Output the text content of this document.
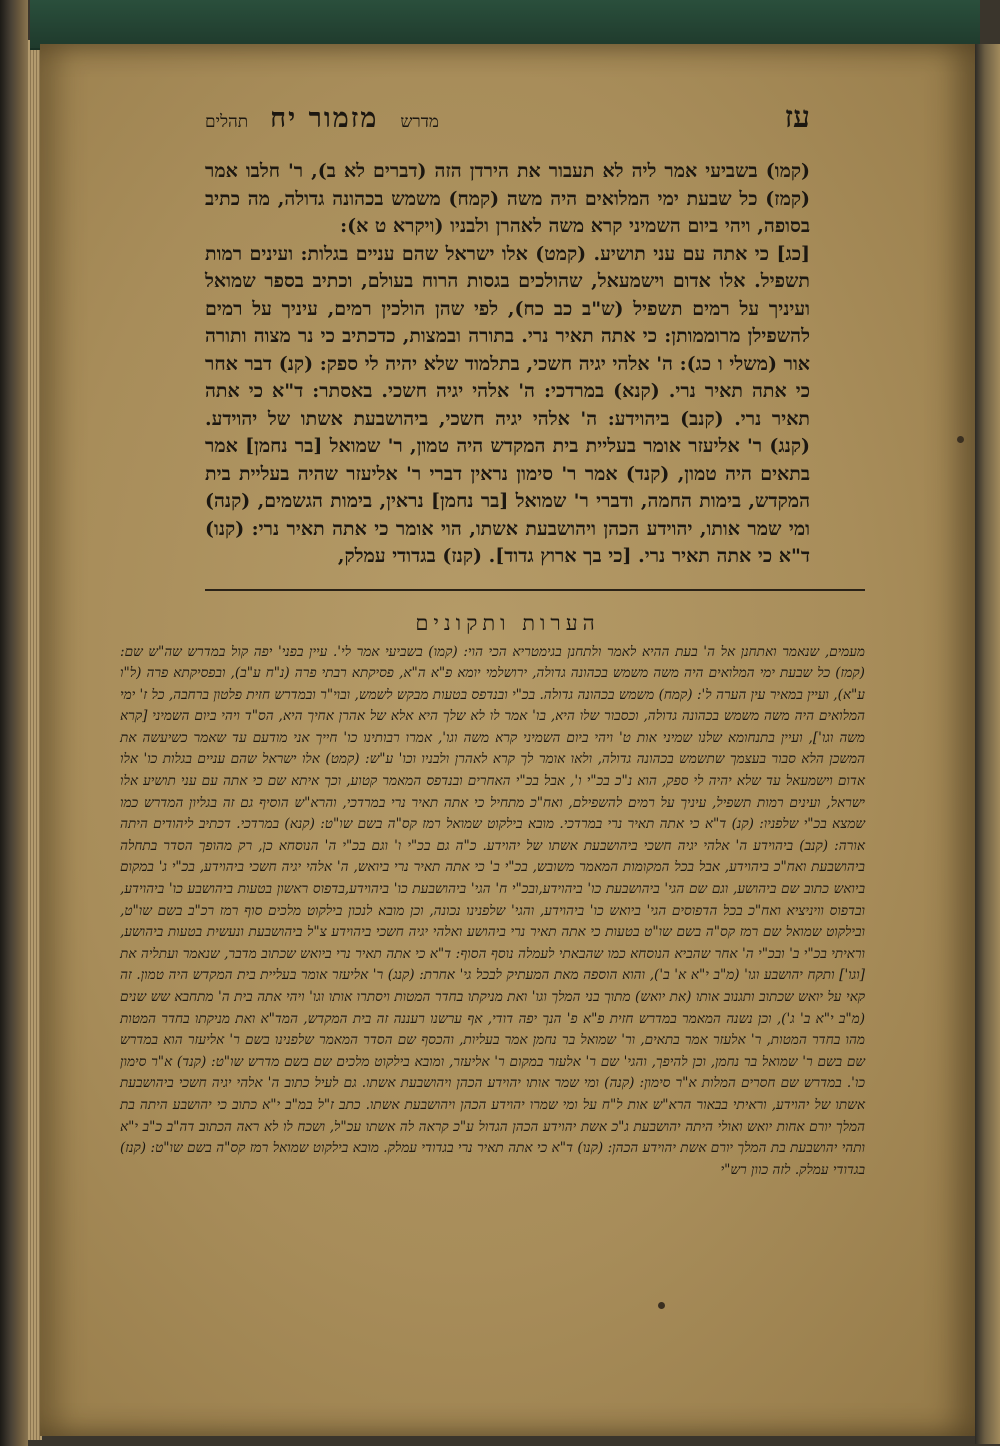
עז
מדרש
מזמור יח
תהלים

(קמו) בשביעי אמר ליה לא תעבור את הירדן הזה (דברים לא ב), ר' חלבו אמר (קמז) כל שבעת ימי המלואים היה משה (קמח) משמש בכהונה גדולה, מה כתיב בסופה, ויהי ביום השמיני קרא משה לאהרן ולבניו (ויקרא ט א):

[כג] כי אתה עם עני תושיע. (קמט) אלו ישראל שהם עניים בגלות: ועינים רמות תשפיל. אלו אדום וישמעאל, שהולכים בגסות הרוח בעולם, וכתיב בספר שמואל ועיניך על רמים תשפיל (ש"ב כב כח), לפי שהן הולכין רמים, עיניך על רמים להשפילן מרוממותן: כי אתה תאיר נרי. בתורה ובמצות, כדכתיב כי נר מצוה ותורה אור (משלי ו כג): ה' אלהי יגיה חשכי, בתלמוד שלא יהיה לי ספק: (קנ) דבר אחר כי אתה תאיר נרי. (קנא) במרדכי: ה' אלהי יגיה חשכי. באסתר: ד"א כי אתה תאיר נרי. (קנב) ביהוידע: ה' אלהי יגיה חשכי, ביהושבעת אשתו של יהוידע. (קנג) ר' אליעזר אומר בעליית בית המקדש היה טמון, ר' שמואל [בר נחמן] אמר בתאים היה טמון, (קנד) אמר ר' סימון נראין דברי ר' אליעזר שהיה בעליית בית המקדש, בימות החמה, ודברי ר' שמואל [בר נחמן] נראין, בימות הגשמים, (קנה) ומי שמר אותו, יהוידע הכהן ויהושבעת אשתו, הוי אומר כי אתה תאיר נרי: (קנו) ד"א כי אתה תאיר נרי. [כי בך ארוץ גדוד]. (קנז) בגדודי עמלק,

הערות ותקונים

מעמים, שנאמר ואתחנן אל ה' בעת ההיא לאמר ולתחנן בגימטריא הכי הוי: (קמו) בשביעי אמר לי'. עיין בפני' יפה קול במדרש שה"ש שם: (קמז) כל שבעת ימי המלואים היה משה משמש בכהונה גדולה, ירושלמי יומא פ"א ה"א, פסיקתא רבתי פרה (נ"ח ע"ב), ובפסיקתא פרה (ל"ו ע"א), ועיין במאיר עין הערה ל': (קמח) משמש בכהונה גדולה. בכ"י ובנדפס בטעות מבקש לשמש, ובוי"ר ובמדרש חזית פלטון ברחבה, כל ז' ימי המלואים היה משה משמש בכהונה גדולה, וכסבור שלו היא, בו' אמר לו לא שלך היא אלא של אהרן אחיך היא, הס"ד ויהי ביום השמיני [קרא משה וגו'], ועיין בתנחומא שלנו שמיני אות ט' ויהי ביום השמיני קרא משה וגו', אמרו רבותינו כו' חייך אני מודעם עד שאמר כשיעשה את המשכן הלא סבור בעצמך שתשמש בכהונה גדולה, ולאו אומר לך קרא לאהרן ולבניו וכו' ע"ש: (קמט) אלו ישראל שהם עניים בגלות כו' אלו אדום וישמעאל עד שלא יהיה לי ספק, הוא נ"כ בכ"י ו', אבל בכ"י האחרים ובנדפס המאמר קטוע, וכך איתא שם כי אתה עם עני תושיע אלו ישראל, ועינים רמות תשפיל, עיניך על רמים להשפילם, ואח"כ מתחיל כי אתה תאיר נרי במרדכי, והרא"ש הוסיף גם זה בגליון המדרש כמו שמצא בכ"י שלפניו: (קנ) ד"א כי אתה תאיר נרי במרדכי. מובא בילקוט שמואל רמז קס"ה בשם שו"ט: (קנא) במרדכי. דכתיב ליהודים היתה אורה: (קנב) ביהוידע ה' אלהי יגיה חשכי ביהושבעת אשתו של יהוידע. כ"ה גם בכ"י ו' וגם בכ"י ה' הנוסחא כן, רק מהופך הסדר בתחלה ביהושבעת ואח"כ ביהוידע, אבל בכל המקומות המאמר משובש, בכ"י ב' כי אתה תאיר נרי ביואש, ה' אלהי יגיה חשכי ביהוידע, בכ"י ג' במקום ביואש כתוב שם ביהושע, וגם שם הגי' ביהושבעת כו' ביהוידע,ובכ"י ח' הגי' ביהושבעת כו' ביהוידע,בדפוס ראשון בטעות ביהושבע כו' ביהוידע, ובדפוס וויניציא ואח"כ בכל הדפוסים הגי' ביואש כו' ביהוידע, והגי' שלפנינו נכונה, וכן מובא לנכון בילקוט מלכים סוף רמז רכ"ב בשם שו"ט, ובילקוט שמואל שם רמז קס"ה בשם שו"ט בטעות כי אתה תאיר נרי ביהושע ואלהי יגיה חשכי ביהוידע צ"ל ביהושבעת ונעשית בטעות ביהושע, וראיתי בכ"י ב' ובכ"י ה' אחר שהביא הנוסחא כמו שהבאתי לעמלה נוסף הסוף: ד"א כי אתה תאיר נרי ביואש שכתוב מדבר, שנאמר ועתליה את [וגו'] ותקח יהושבע וגו' (מ"ב י"א א' ב'), והוא הוספה מאת המעתיק לבכל גי' אחרת: (קנג) ר' אליעזר אומר בעליית בית המקדש היה טמון. זה קאי על יואש שכתוב ותגנוב אותו (את יואש) מתוך בני המלך וגו' ואת מניקתו בחדר המטות ויסתרו אותו וגו' ויהי אתה בית ה' מתחבא שש שנים (מ"ב י"א ב' ג'), וכן נשנה המאמר במדרש חזית פ"א פ' הנך יפה דודי, אף ערשנו רעננה זה בית המקדש, המד"א ואת מניקתו בחדר המטות מהו בחדר המטות, ר' אלעזר אמר בתאים, ור' שמואל בר נחמן אמר בעליות, והכסף שם הסדר המאמר שלפנינו בשם ר' אליעזר הוא במדרש שם בשם ר' שמואל בר נחמן, וכן להיפך, והגי' שם ר' אלעזר במקום ר' אליעזר, ומובא בילקוט מלכים שם בשם מדרש שו"ט: (קנד) א"ר סימון כו'. במדרש שם חסרים המלות א"ר סימון: (קנה) ומי שמר אותו יהוידע הכהן ויהושבעת אשתו. גם לעיל כתוב ה' אלהי יגיה חשכי ביהושבעת אשתו של יהוידע, וראיתי בבאור הרא"ש אות ל"ח על ומי שמרו יהוידע הכהן ויהושבעת אשתו. כתב ז"ל במ"ב י"א כתוב כי יהושבע היתה בת המלך יורם אחות יואש ואולי היתה יהושבעת ג"כ אשת יהוידע הכהן הגדול ע"כ קראה לה אשתו עכ"ל, ושכח לו לא ראה הכתוב דה"ב כ"ב י"א ותהי יהושבעת בת המלך יורם אשת יהוידע הכהן: (קנו) ד"א כי אתה תאיר נרי בגדודי עמלק. מובא בילקוט שמואל רמז קס"ה בשם שו"ט: (קנז) בגדודי עמלק. לזה כוון רש"י
